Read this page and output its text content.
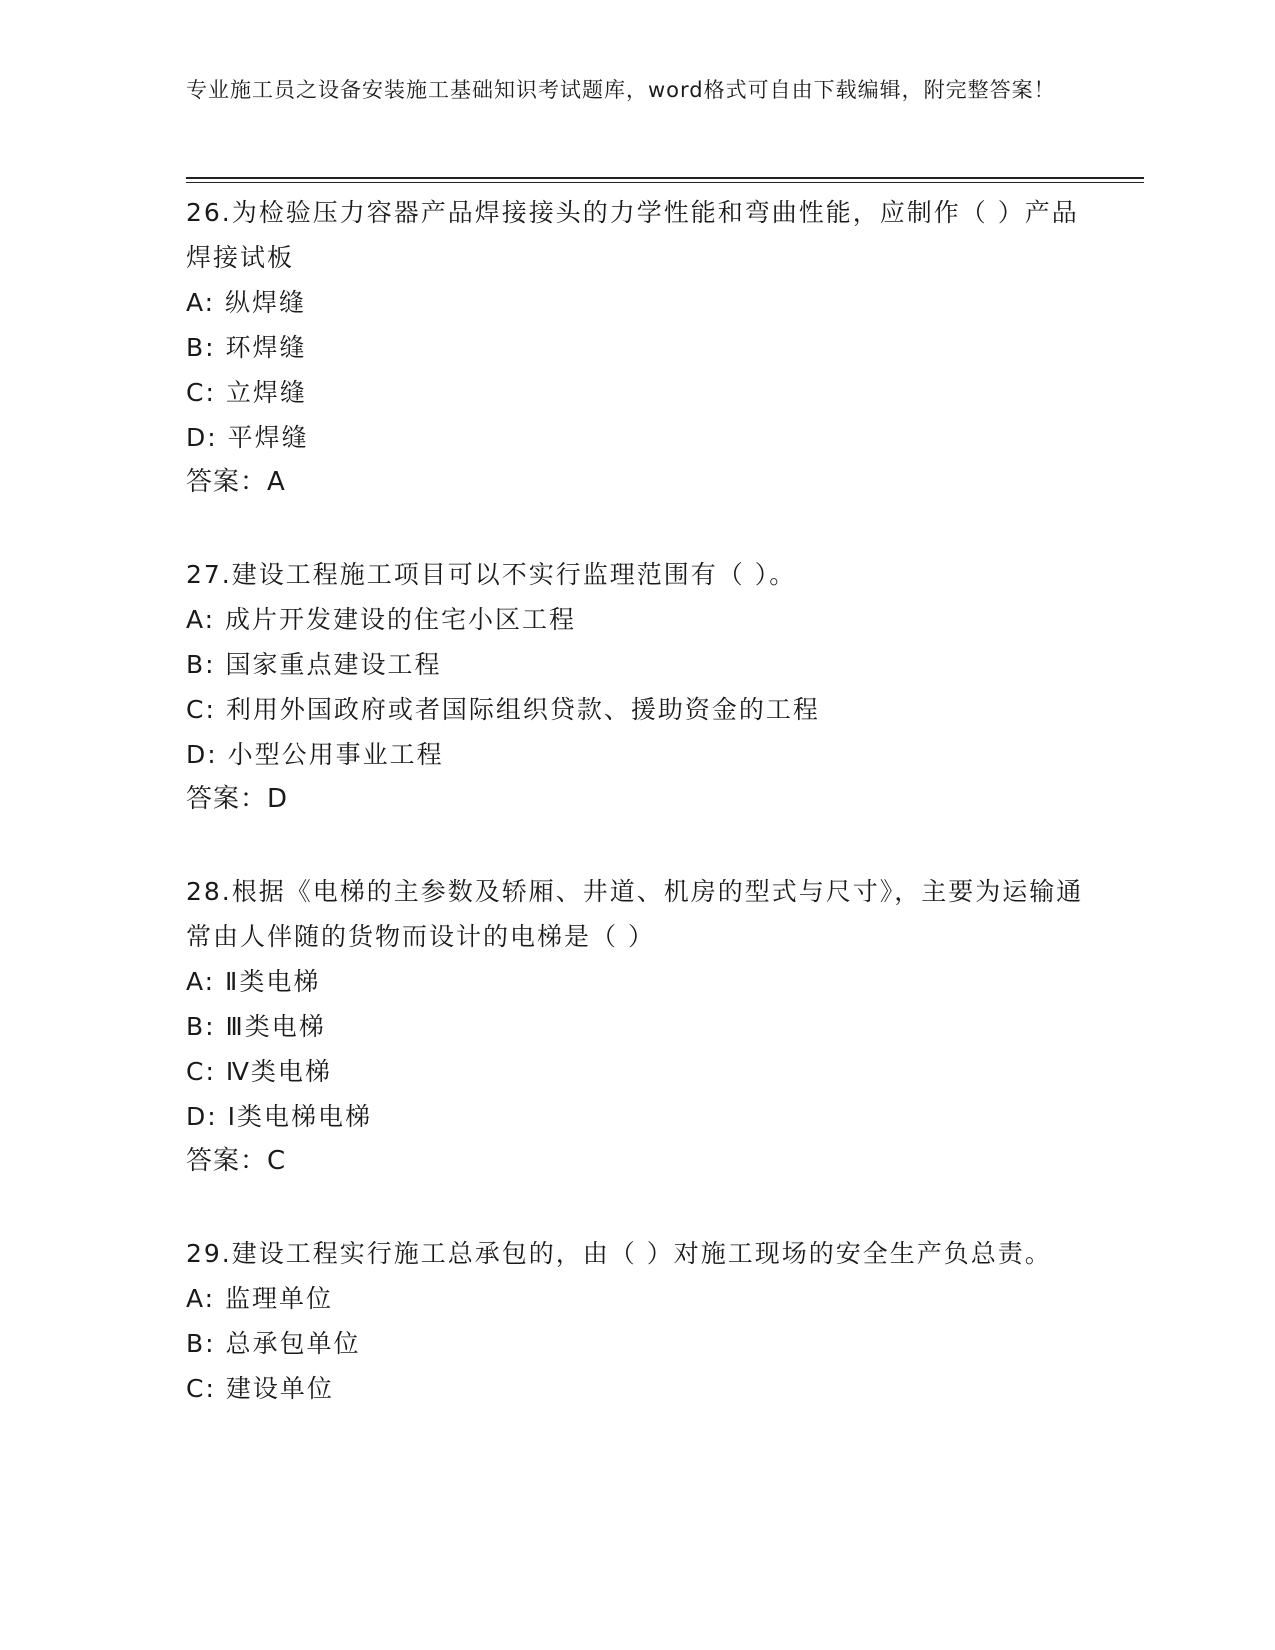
专业施工员之设备安装施工基础知识考试题库，word格式可自由下载编辑，附完整答案！
26.为检验压力容器产品焊接接头的力学性能和弯曲性能，应制作（ ）产品焊接试板
A: 纵焊缝
B: 环焊缝
C: 立焊缝
D: 平焊缝
答案：A
27.建设工程施工项目可以不实行监理范围有（ ）。
A: 成片开发建设的住宅小区工程
B: 国家重点建设工程
C: 利用外国政府或者国际组织贷款、援助资金的工程
D: 小型公用事业工程
答案：D
28.根据《电梯的主参数及轿厢、井道、机房的型式与尺寸》，主要为运输通常由人伴随的货物而设计的电梯是（ ）
A: Ⅱ类电梯
B: Ⅲ类电梯
C: Ⅳ类电梯
D: Ⅰ类电梯电梯
答案：C
29.建设工程实行施工总承包的，由（ ）对施工现场的安全生产负总责。
A: 监理单位
B: 总承包单位
C: 建设单位
